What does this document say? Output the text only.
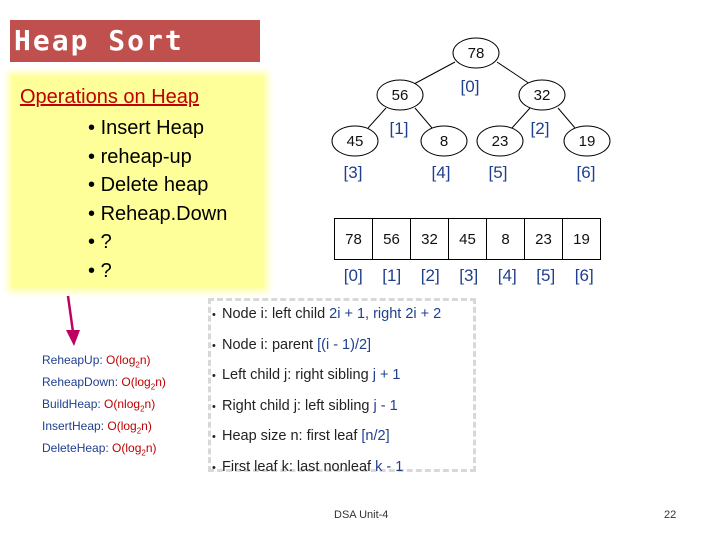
Heap Sort
Operations on Heap
• Insert Heap
• reheap-up
• Delete heap
• Reheap.Down
• ?
• ?
78
56	32
45	8	23	19
[0]
[1]	[2]
[3]	[4] [5]	[6]
78	56	32	45	8	23	19
[0]	[1]	[2]	[3]	[4]	[5]	[6]
•  Node i: left child 2i + 1, right 2i + 2
•  Node i: parent [(i - 1)/2]
•  Left child j: right sibling j + 1
•  Right child j: left sibling j - 1
•  Heap size n: first leaf [n/2]
•  First leaf k: last nonleaf k - 1
ReheapUp: $O(\log_2n)$
ReheapDown: $O(\log_2n)$
BuildHeap: O(nlog$_2$n)
InsertHeap: $O(\log_2n)$
DeleteHeap: $O(\log_2n)$
DSA Unit-4	22
